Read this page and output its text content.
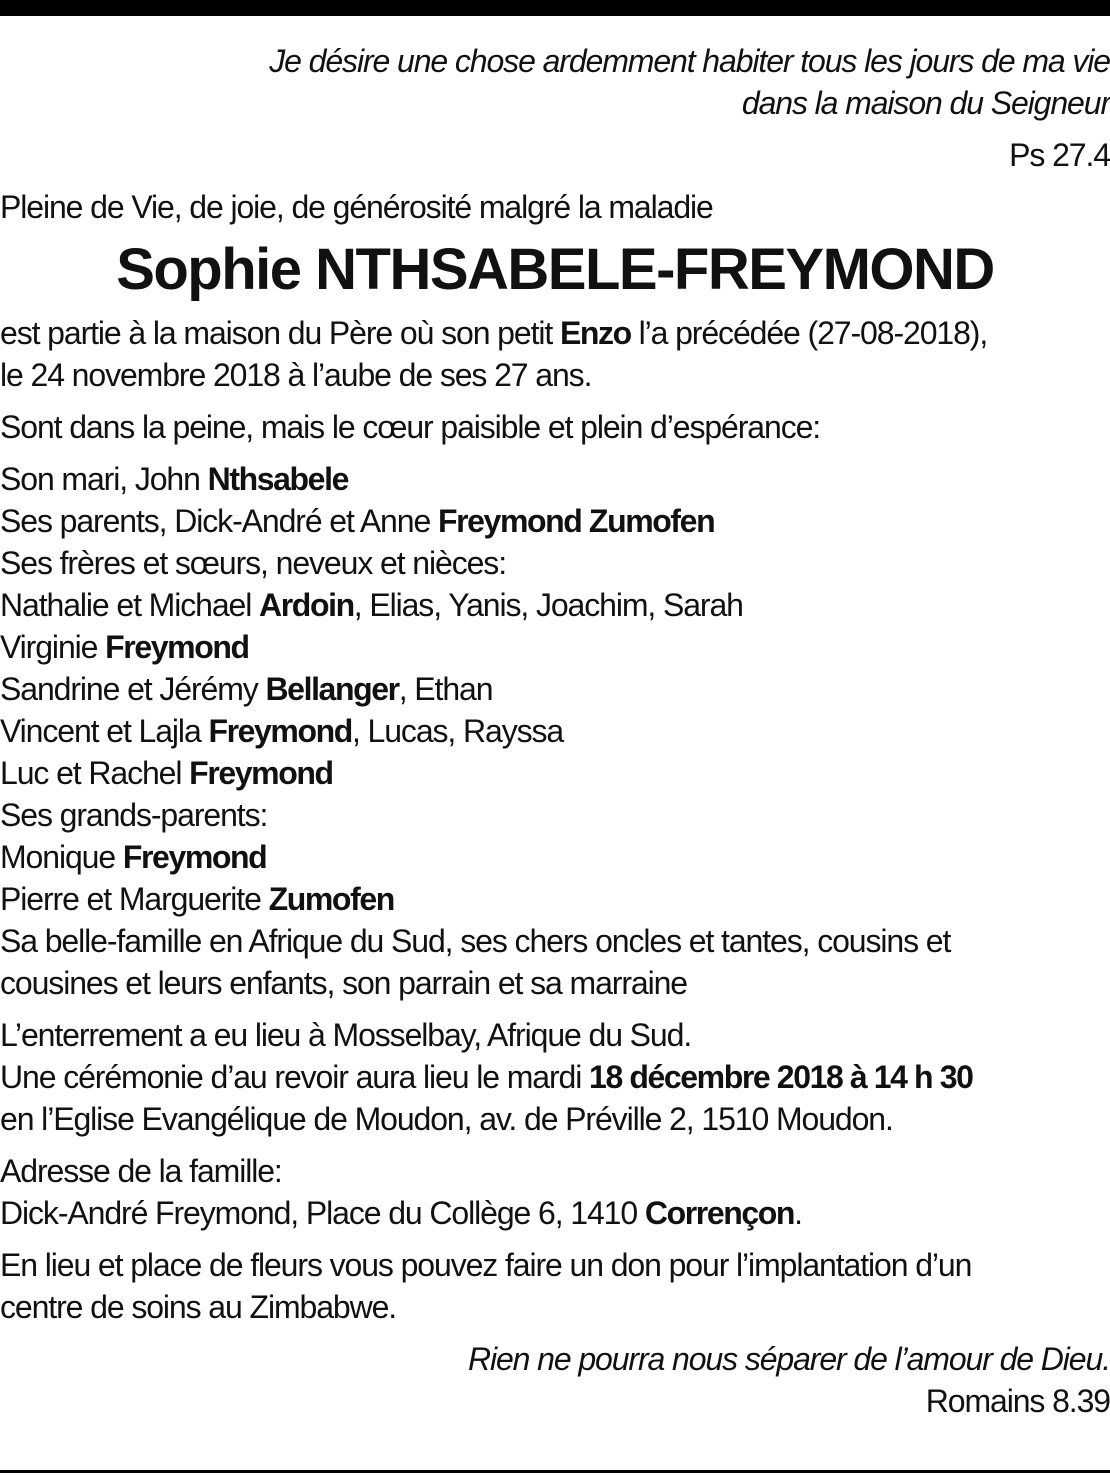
Je désire une chose ardemment habiter tous les jours de ma vie
dans la maison du Seigneur
Ps 27.4
Pleine de Vie, de joie, de générosité malgré la maladie
Sophie NTHSABELE-FREYMOND
est partie à la maison du Père où son petit Enzo l’a précédée (27-08-2018),
le 24 novembre 2018 à l’aube de ses 27 ans.
Sont dans la peine, mais le cœur paisible et plein d’espérance:
Son mari, John Nthsabele
Ses parents, Dick-André et Anne Freymond Zumofen
Ses frères et sœurs, neveux et nièces:
Nathalie et Michael Ardoin, Elias, Yanis, Joachim, Sarah
Virginie Freymond
Sandrine et Jérémy Bellanger, Ethan
Vincent et Lajla Freymond, Lucas, Rayssa
Luc et Rachel Freymond
Ses grands-parents:
Monique Freymond
Pierre et Marguerite Zumofen
Sa belle-famille en Afrique du Sud, ses chers oncles et tantes, cousins et
cousines et leurs enfants, son parrain et sa marraine
L’enterrement a eu lieu à Mosselbay, Afrique du Sud.
Une cérémonie d’au revoir aura lieu le mardi 18 décembre 2018 à 14 h 30
en l’Eglise Evangélique de Moudon, av. de Préville 2, 1510 Moudon.
Adresse de la famille:
Dick-André Freymond, Place du Collège 6, 1410 Corrençon.
En lieu et place de fleurs vous pouvez faire un don pour l’implantation d’un
centre de soins au Zimbabwe.
Rien ne pourra nous séparer de l’amour de Dieu.
Romains 8.39
